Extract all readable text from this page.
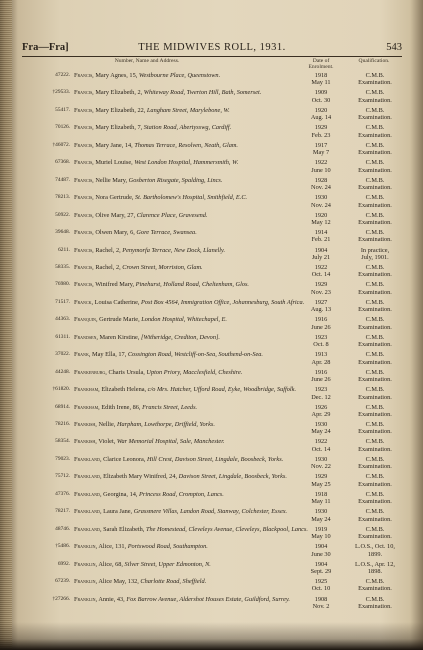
Fra—Fra]	THE MIDWIVES ROLL, 1931.	543
Number, Name and Address.	Date of Enrolment.
Qualification.
47222. Francis, Mary Agnes, 15, Westbourne Place, Queenstown.	1918
May 11
C.M.B.
Examination.
†29533. Francis, Mary Elizabeth, 2, Whiteway Road, Twerton Hill, Bath, Somerset.	1909
Oct. 30
C.M.B.
Examination.
55417. Francis, Mary Elizabeth, 22, Langham Street, Marylebone, W.	1920
Aug. 14
C.M.B.
Examination.
70126. Francis, Mary Elizabeth, 7, Station Road, Abertysswg, Cardiff.	1929
Feb. 23
C.M.B.
Examination.
†46072. Francis, Mary Jane, 14, Thomas Terrace, Resolven, Neath, Glam.	1917
May 7
C.M.B.
Examination.
67368. Francis, Muriel Louise, West London Hospital, Hammersmith, W.	1922
June 10
C.M.B.
Examination.
74487. Francis, Nellie Mary, Gosberton Risegate, Spalding, Lincs.	1928
Nov. 24
C.M.B.
Examination.
78213. Francis, Nora Gertrude, St. Bartholomew's Hospital, Smithfield, E.C.	1930
Nov. 24
C.M.B.
Examination.
50922. Francis, Olive Mary, 27, Clarence Place, Gravesend.	1920
May 12
C.M.B.
Examination.
39648. Francis, Olwen Mary, 6, Gore Terrace, Swansea.	1914
Feb. 21
C.M.B.
Examination.
6211. Francis, Rachel, 2, Penymorfa Terrace, New Dock, Llanelly.	1904
July 21
In practice,
July, 1901.
58335. Francis, Rachel, 2, Crown Street, Morriston, Glam.	1922
Oct. 14
C.M.B.
Examination.
76980. Francis, Winifred Mary, Pinehurst, Holland Road, Cheltenham, Glos.	1929
Nov. 23
C.M.B.
Examination.
71517. Franck, Louisa Catherine, Post Box 4564, Immigration Office, Johannesburg, South Africa.	1927
Aug. 13
C.M.B.
Examination.
44363. Franquin, Gertrude Marie, London Hospital, Whitechapel, E.	1916
June 26
C.M.B.
Examination.
61311. Frandsen, Maren Kirstine, [Witheridge, Crediton, Devon].	1923
Oct. 8
C.M.B.
Examination.
37022. Frank, May Ella, 17, Cossington Road, Westcliff-on-Sea, Southend-on-Sea.	1913
Apr. 28
C.M.B.
Examination.
44248. Frankenburg, Charis Ursula, Upton Priory, Macclesfield, Cheshire.	1916
June 26
C.M.B.
Examination.
†61820. Frankham, Elizabeth Helena, c/o Mrs. Hatcher, Ufford Road, Eyke, Woodbridge, Suffolk.	1923
Dec. 12
C.M.B.
Examination.
68914. Frankham, Edith Irene, 86, Francis Street, Leeds.	1926
Apr. 29
C.M.B.
Examination.
78216. Frankish, Nellie, Harpham, Lowthorpe, Driffield, Yorks.	1930
May 24
C.M.B.
Examination.
58354. Frankish, Violet, War Memorial Hospital, Sale, Manchester.	1922
Oct. 14
C.M.B.
Examination.
79023. Frankland, Clarice Leonora, Hill Crest, Davison Street, Lingdale, Boosbeck, Yorks.	1930
Nov. 22
C.M.B.
Examination.
75712. Frankland, Elizabeth Mary Winifred, 24, Davison Street, Lingdale, Boosbeck, Yorks.	1929
May 25
C.M.B.
Examination.
47376. Frankland, Georgina, 14, Princess Road, Crompton, Lancs.	1918
May 11
C.M.B.
Examination.
78217. Frankland, Laura Jane, Grassmere Villas, Landon Road, Stanway, Colchester, Essex.	1930
May 24
C.M.B.
Examination.
48746. Frankland, Sarah Elizabeth, The Homestead, Cleveleys Avenue, Cleveleys, Blackpool, Lancs.	1919
May 10
C.M.B.
Examination.
†5486. Franklin, Alice, 131, Portswood Road, Southampton.	1904
June 30
L.O.S., Oct. 10,
1899.
6992. Franklin, Alice, 68, Silver Street, Upper Edmonton, N.	1904
Sept. 29
L.O.S., Apr. 12,
1898.
67239. Franklin, Alice May, 132, Charlotte Road, Sheffield.	1925
Oct. 10
C.M.B.
Examination.
†27266. Franklin, Annie, 43, Fox Barrow Avenue, Aldershot Houses Estate, Guildford, Surrey.	1908
Nov. 2
C.M.B.
Examination.
